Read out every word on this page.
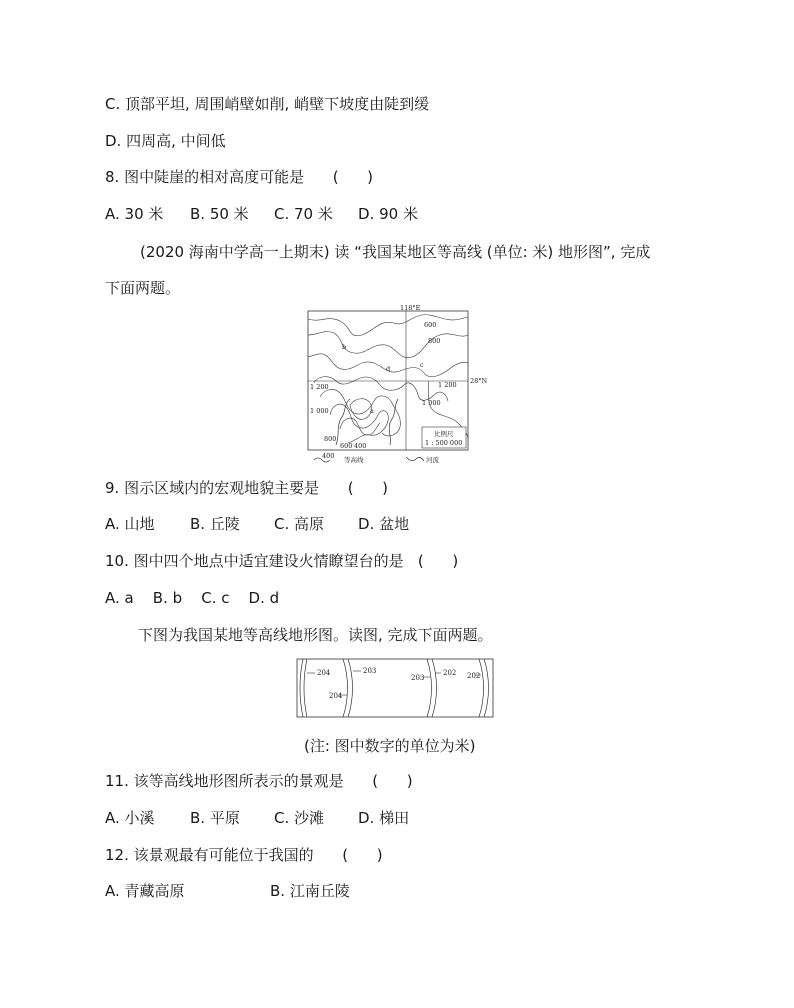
C. 顶部平坦, 周围峭壁如削, 峭壁下坡度由陡到缓
D. 四周高, 中间低
8. 图中陡崖的相对高度可能是      (      )
A. 30 米 B. 50 米 C. 70 米 D. 90 米
(2020 海南中学高一上期末) 读 “我国某地区等高线 (单位: 米) 地形图”, 完成
下面两题。
118°E
28°N
600
800
1 200
1 000
1 200
1 000
800
600 400
a
b
c
d
比例尺
1 : 500 000
400 等高线	河流
9. 图示区域内的宏观地貌主要是      (      )
A. 山地 B. 丘陵 C. 高原 D. 盆地
10. 图中四个地点中适宜建设火情瞭望台的是   (      )
A. a    B. b    C. c    D. d
下图为我国某地等高线地形图。读图, 完成下面两题。
204
204
203
203
202 202
(注: 图中数字的单位为米)
11. 该等高线地形图所表示的景观是      (      )
A. 小溪 B. 平原 C. 沙滩 D. 梯田
12. 该景观最有可能位于我国的      (      )
A. 青藏高原	B. 江南丘陵
